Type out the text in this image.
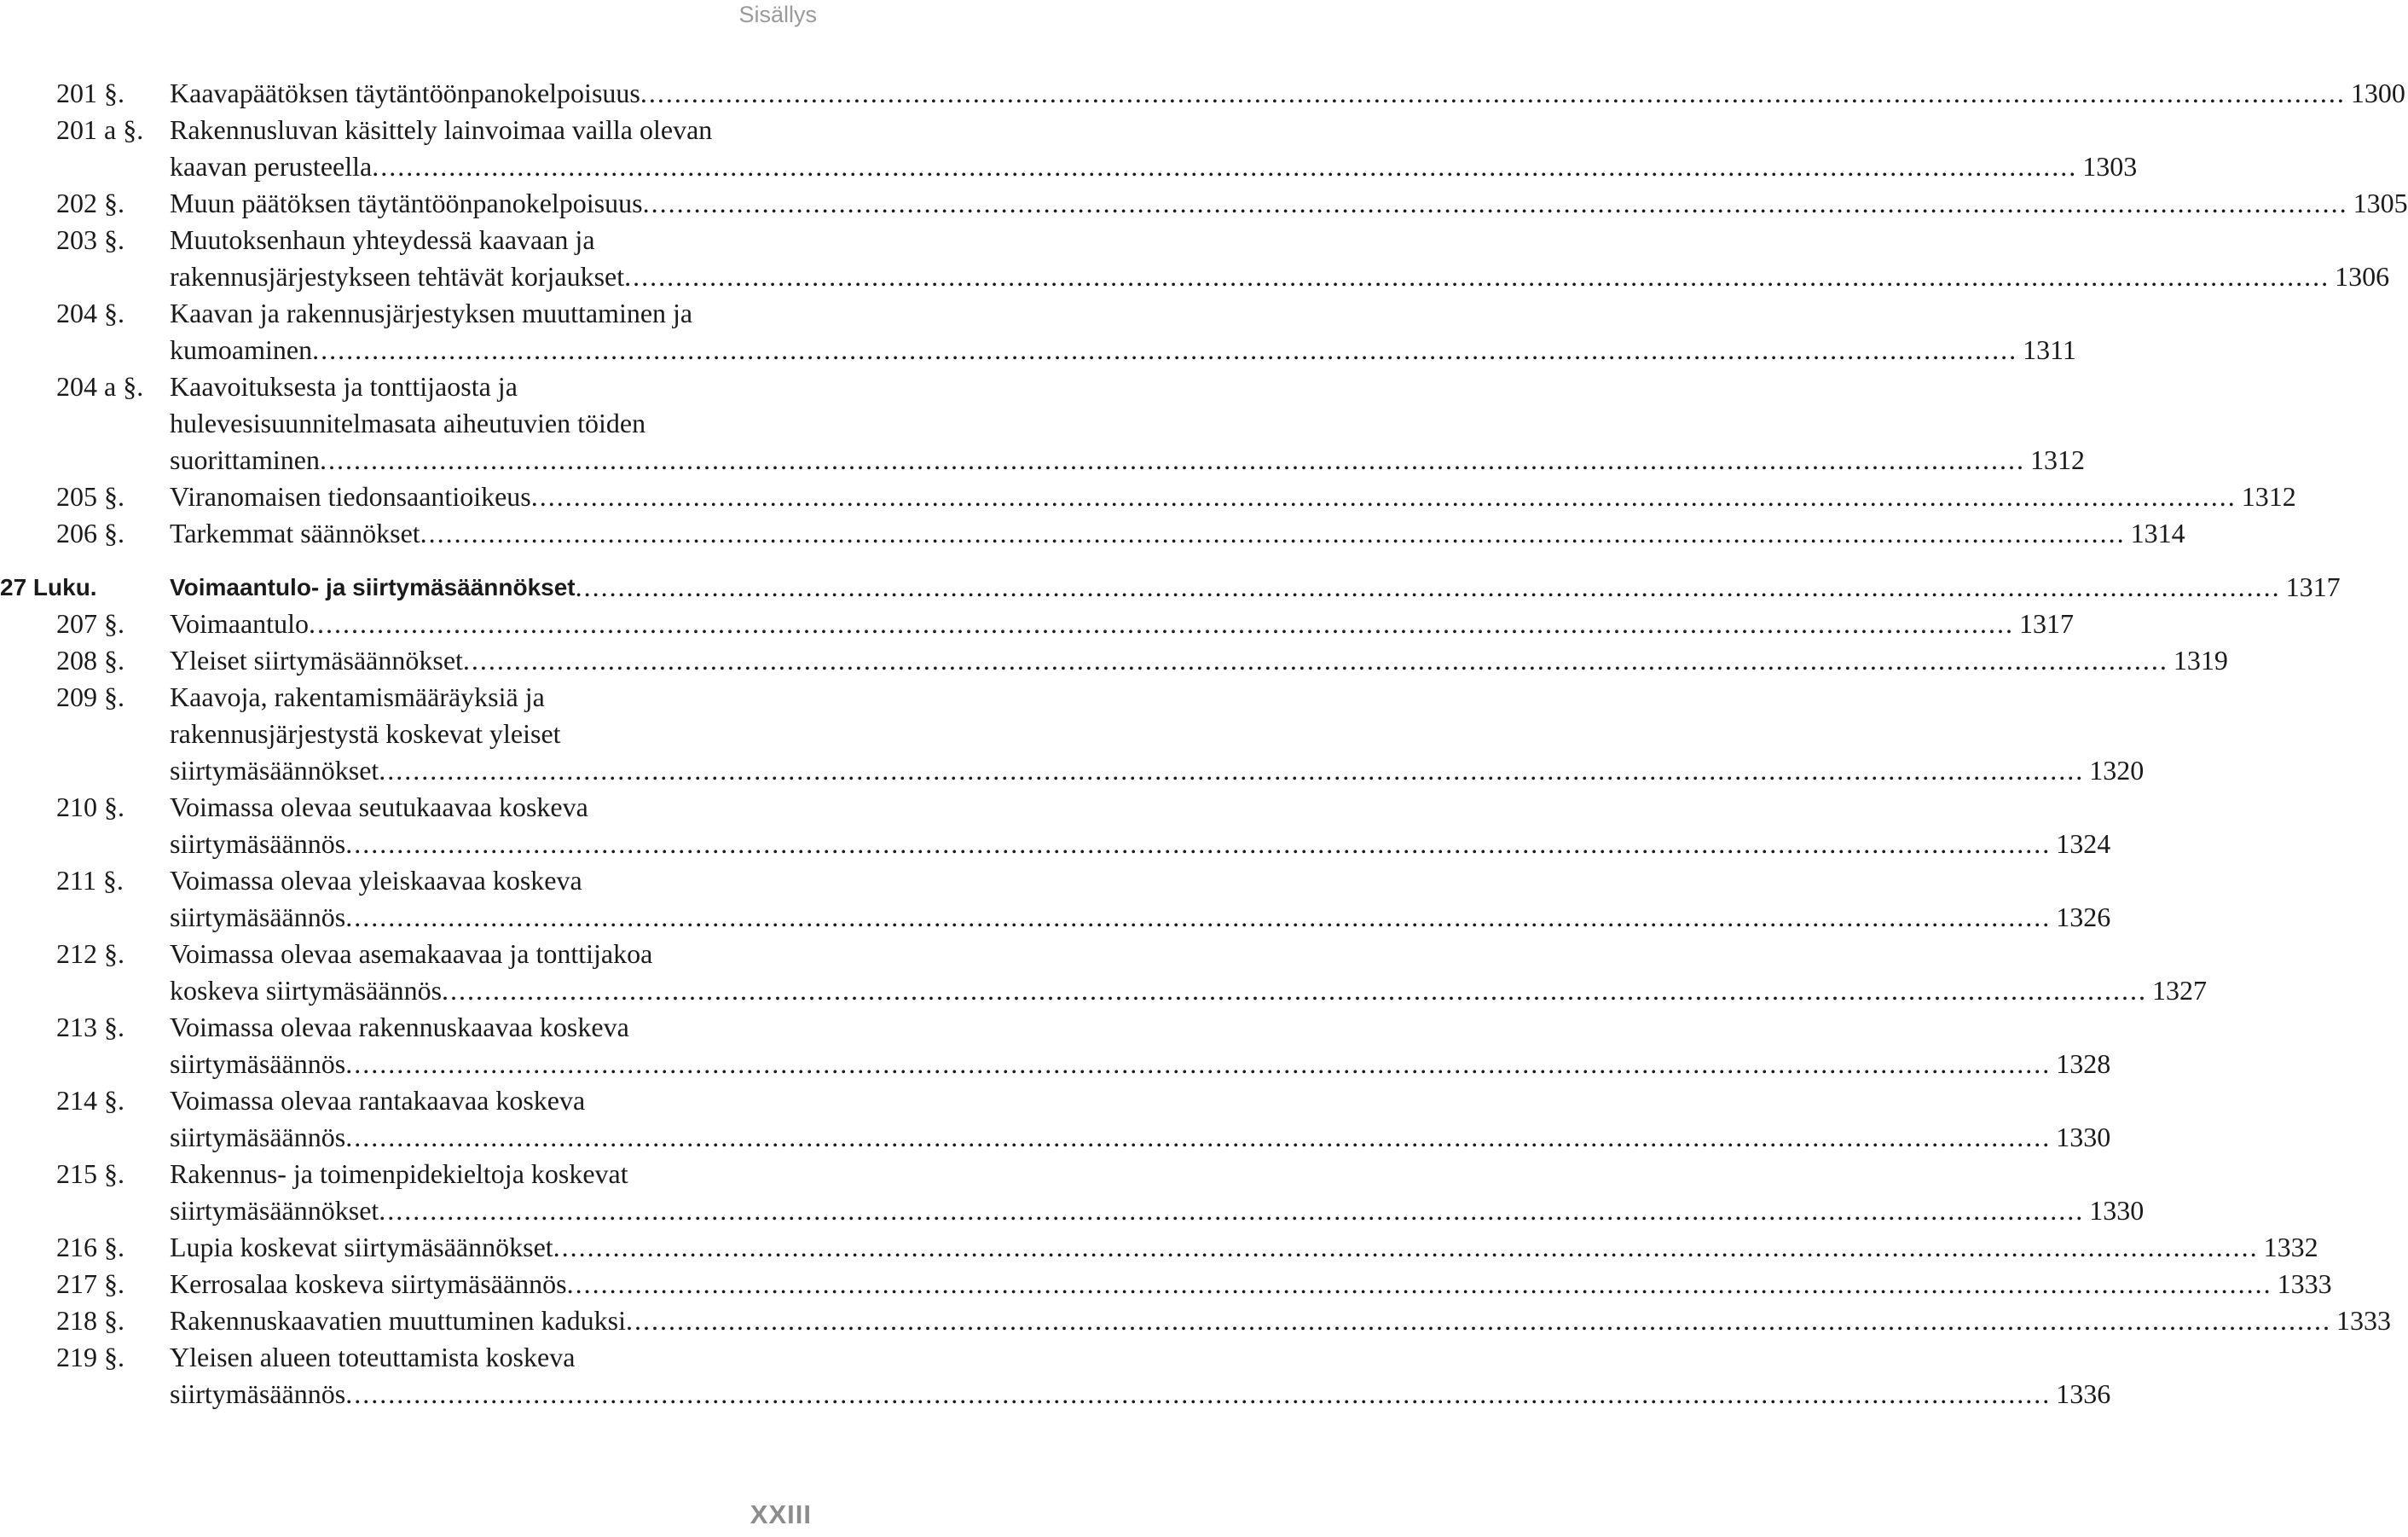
Sisällys
201 §.	Kaavapäätöksen täytäntöönpanokelpoisuus ........................................................................................................................................................................................................ 1300
201 a §. Rakennusluvan käsittely lainvoimaa vailla olevan
kaavan perusteella ........................................................................................................................................................................................................ 1303
202 §.	Muun päätöksen täytäntöönpanokelpoisuus ........................................................................................................................................................................................................ 1305
203 §.	Muutoksenhaun yhteydessä kaavaan ja
rakennusjärjestykseen tehtävät korjaukset ........................................................................................................................................................................................................ 1306
204 §.	Kaavan ja rakennusjärjestyksen muuttaminen ja
kumoaminen ........................................................................................................................................................................................................ 1311
204 a §. Kaavoituksesta ja tonttijaosta ja
hulevesisuunnitelmasata aiheutuvien töiden
suorittaminen ........................................................................................................................................................................................................ 1312
205 §.	Viranomaisen tiedonsaantioikeus ........................................................................................................................................................................................................ 1312
206 §.	Tarkemmat säännökset ........................................................................................................................................................................................................ 1314
27 Luku.	Voimaantulo- ja siirtymäsäännökset ........................................................................................................................................................................................................ 1317
207 §.	Voimaantulo ........................................................................................................................................................................................................ 1317
208 §.	Yleiset siirtymäsäännökset ........................................................................................................................................................................................................ 1319
209 §.	Kaavoja, rakentamismääräyksiä ja
rakennusjärjestystä koskevat yleiset
siirtymäsäännökset ........................................................................................................................................................................................................ 1320
210 §.	Voimassa olevaa seutukaavaa koskeva
siirtymäsäännös ........................................................................................................................................................................................................ 1324
211 §.	Voimassa olevaa yleiskaavaa koskeva
siirtymäsäännös ........................................................................................................................................................................................................ 1326
212 §.	Voimassa olevaa asemakaavaa ja tonttijakoa
koskeva siirtymäsäännös ........................................................................................................................................................................................................ 1327
213 §.	Voimassa olevaa rakennuskaavaa koskeva
siirtymäsäännös ........................................................................................................................................................................................................ 1328
214 §.	Voimassa olevaa rantakaavaa koskeva
siirtymäsäännös ........................................................................................................................................................................................................ 1330
215 §.	Rakennus- ja toimenpidekieltoja koskevat
siirtymäsäännökset ........................................................................................................................................................................................................ 1330
216 §.	Lupia koskevat siirtymäsäännökset ........................................................................................................................................................................................................ 1332
217 §.	Kerrosalaa koskeva siirtymäsäännös ........................................................................................................................................................................................................ 1333
218 §.	Rakennuskaavatien muuttuminen kaduksi ........................................................................................................................................................................................................ 1333
219 §.	Yleisen alueen toteuttamista koskeva
siirtymäsäännös ........................................................................................................................................................................................................ 1336
XXIII
